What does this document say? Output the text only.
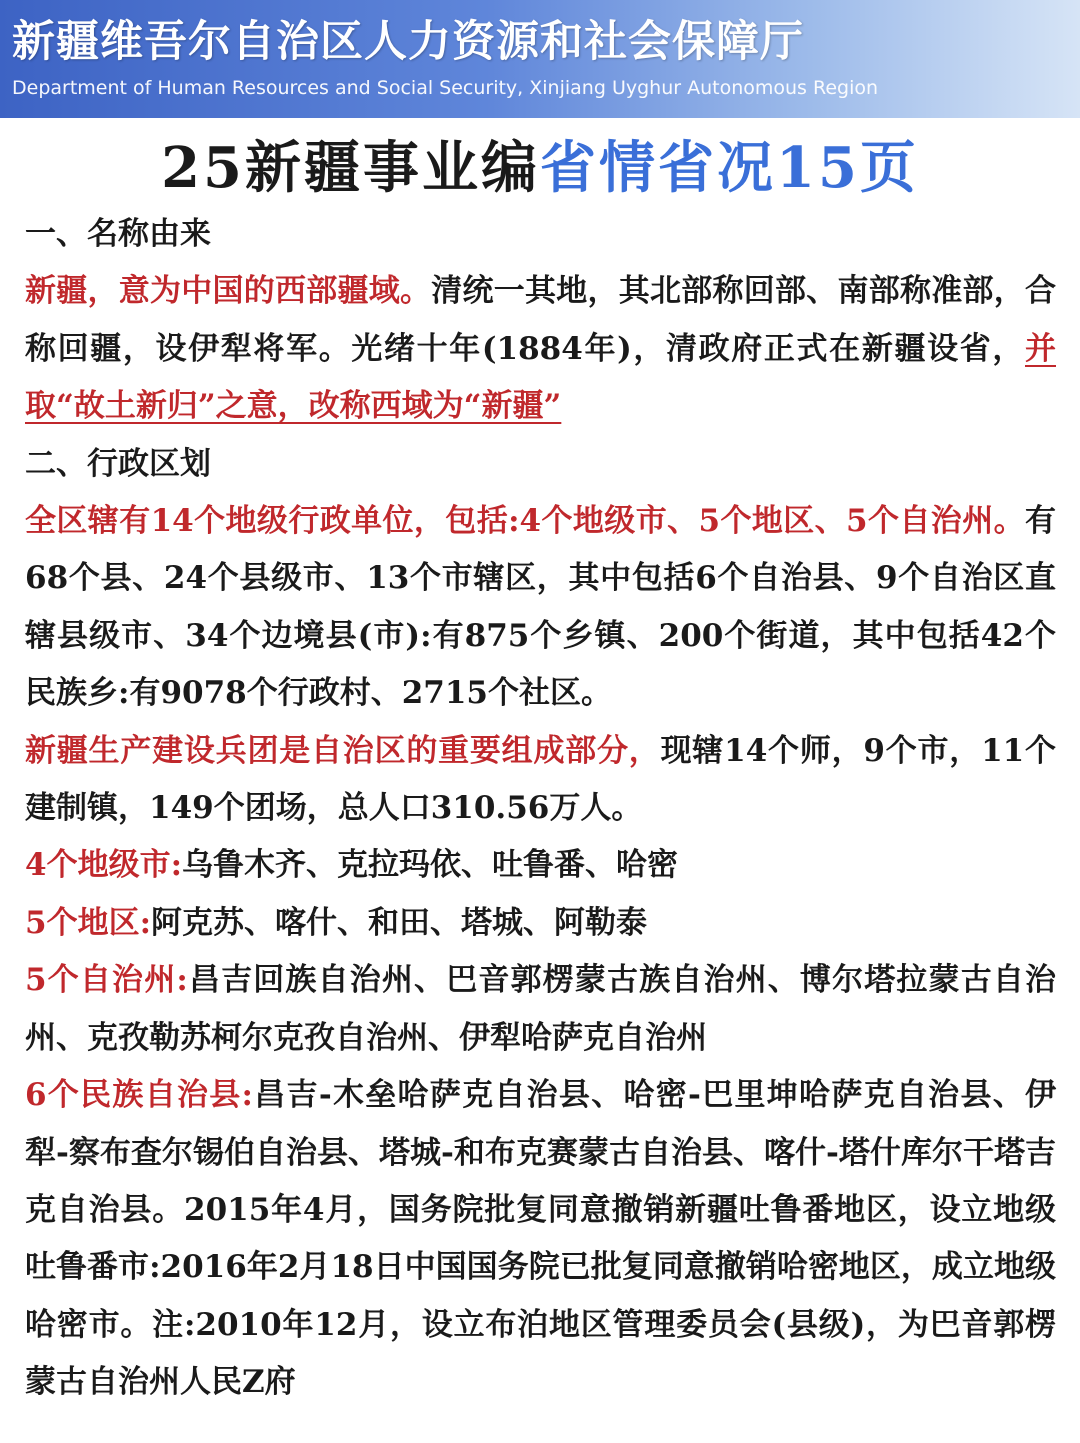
新疆维吾尔自治区人力资源和社会保障厅
Department of Human Resources and Social Security, Xinjiang Uyghur Autonomous Region
25新疆事业编省情省况15页

一、名称由来

新疆，意为中国的西部疆域。清统一其地，其北部称回部、南部称准部，合称回疆，设伊犁将军。光绪十年(1884年)，清政府正式在新疆设省，并取“故土新归”之意，改称西域为“新疆”

二、行政区划

全区辖有14个地级行政单位，包括:4个地级市、5个地区、5个自治州。有68个县、24个县级市、13个市辖区，其中包括6个自治县、9个自治区直辖县级市、34个边境县(市):有875个乡镇、200个街道，其中包括42个民族乡:有9078个行政村、2715个社区。

新疆生产建设兵团是自治区的重要组成部分，现辖14个师，9个市，11个建制镇，149个团场，总人口310.56万人。

4个地级市:乌鲁木齐、克拉玛依、吐鲁番、哈密

5个地区:阿克苏、喀什、和田、塔城、阿勒泰

5个自治州:昌吉回族自治州、巴音郭楞蒙古族自治州、博尔塔拉蒙古自治州、克孜勒苏柯尔克孜自治州、伊犁哈萨克自治州

6个民族自治县:昌吉-木垒哈萨克自治县、哈密-巴里坤哈萨克自治县、伊犁-察布查尔锡伯自治县、塔城-和布克赛蒙古自治县、喀什-塔什库尔干塔吉克自治县。2015年4月，国务院批复同意撤销新疆吐鲁番地区，设立地级吐鲁番市:2016年2月18日中国国务院已批复同意撤销哈密地区，成立地级哈密市。注:2010年12月，设立布泊地区管理委员会(县级)，为巴音郭楞蒙古自治州人民Z府
